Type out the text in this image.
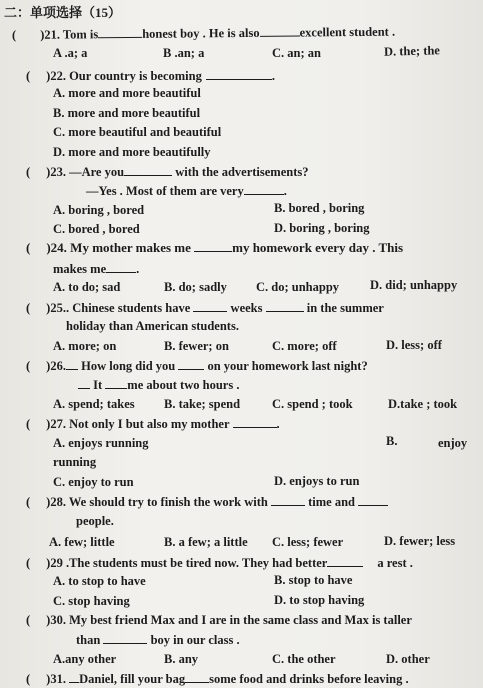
二：单项选择（15）
( )21. Tom is	honest boy . He is also	excellent student .
A .a; a	B .an; a	C. an; an	D. the; the
( )22. Our country is becoming	.
A. more and more beautiful
B. more and more beautiful
C. more beautiful and beautiful
D. more and more beautifully
( )23. —Are you	with the advertisements?
—Yes . Most of them are very	.
A. boring , bored	B. bored , boring
C. bored , bored	D. boring , boring
( )24. My mother makes me	my homework every day . This
makes me .
A. to do; sad	B. do; sadly C. do; unhappy D. did; unhappy
( )25.. Chinese students have	weeks	in the summer
holiday than American students.
A. more; on	B. fewer; on	C. more; off	D. less; off
( )26. How long did you	on your homework last night?
It me about two hours .
A. spend; takes B. take; spend	C. spend ; took	D.take ; took
( )27. Not only I but also my mother	.
A. enjoys running	B.	enjoy
running
C. enjoy to run	D. enjoys to run
( )28. We should try to finish the work with	time and
people.
A. few; little	B. a few; a little C. less; fewer	D. fewer; less
( )29 .The students must be tired now. They had better	a rest .
A. to stop to have	B. stop to have
C. stop having	D. to stop having
( )30. My best friend Max and I are in the same class and Max is taller
than	boy in our class .
A.any other	B. any	C. the other	D. other
( )31. Daniel, fill your bag some food and drinks before leaving .
